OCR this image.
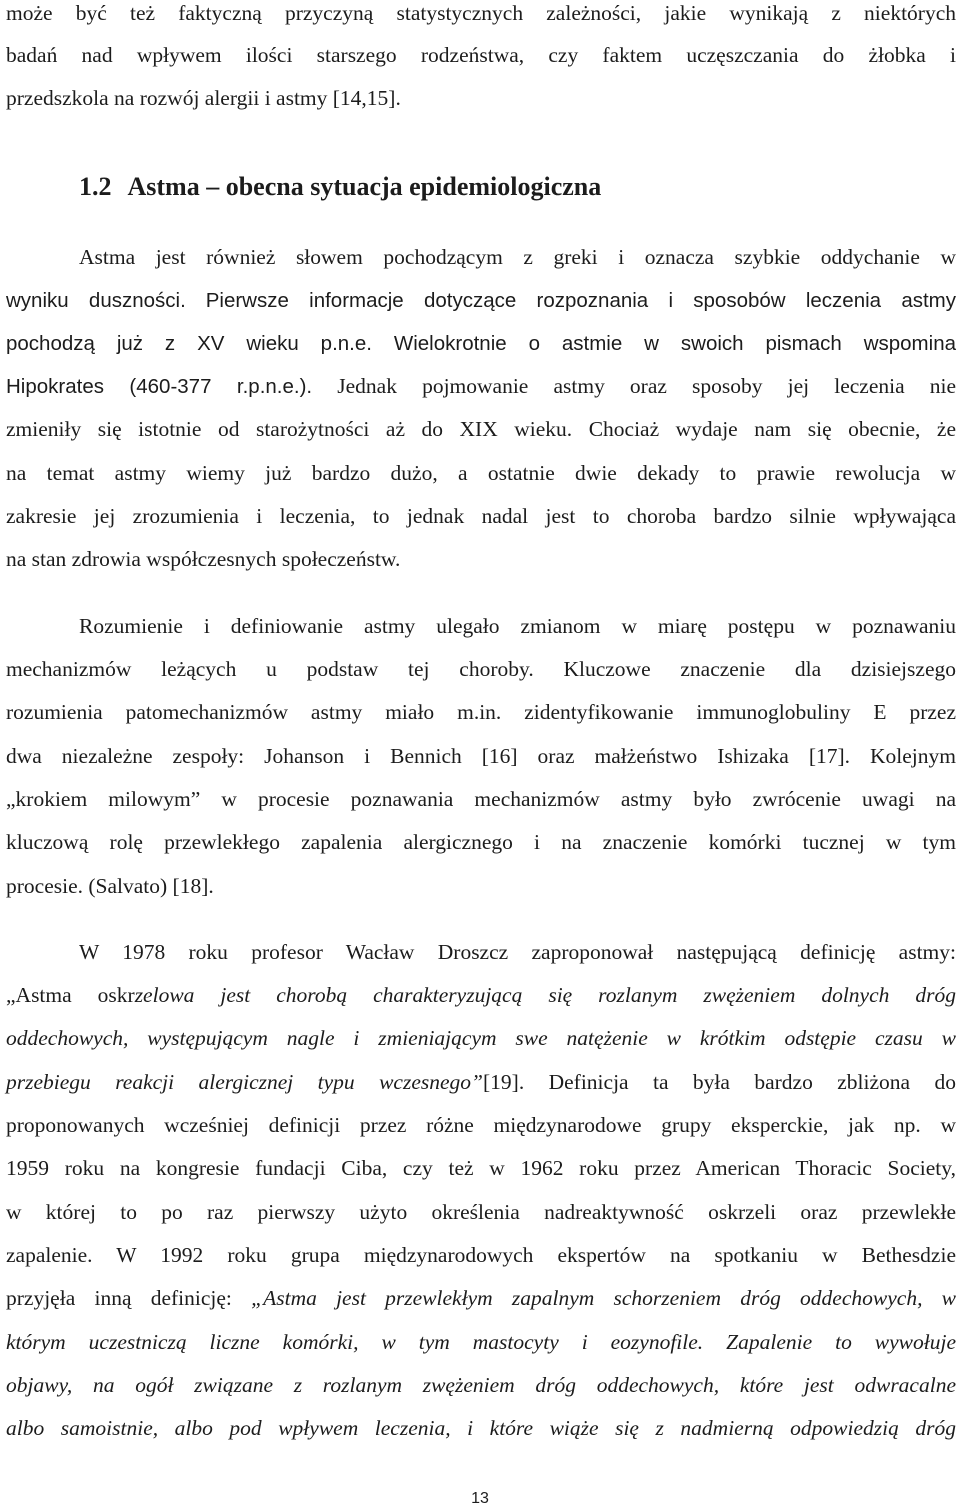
może być też faktyczną przyczyną statystycznych zależności, jakie wynikają z niektórych
badań nad wpływem ilości starszego rodzeństwa, czy faktem uczęszczania do żłobka i
przedszkola na rozwój alergii i astmy [14,15].
1.2 Astma – obecna sytuacja epidemiologiczna
Astma jest również słowem pochodzącym z greki i oznacza szybkie oddychanie w
wyniku duszności. Pierwsze informacje dotyczące rozpoznania i sposobów leczenia astmy
pochodzą już z XV wieku p.n.e. Wielokrotnie o astmie w swoich pismach wspomina
Hipokrates (460-377 r.p.n.e.). Jednak pojmowanie astmy oraz sposoby jej leczenia nie
zmieniły się istotnie od starożytności aż do XIX wieku. Chociaż wydaje nam się obecnie, że
na temat astmy wiemy już bardzo dużo, a ostatnie dwie dekady to prawie rewolucja w
zakresie jej zrozumienia i leczenia, to jednak nadal jest to choroba bardzo silnie wpływająca
na stan zdrowia współczesnych społeczeństw.
Rozumienie i definiowanie astmy ulegało zmianom w miarę postępu w poznawaniu
mechanizmów leżących u podstaw tej choroby. Kluczowe znaczenie dla dzisiejszego
rozumienia patomechanizmów astmy miało m.in. zidentyfikowanie immunoglobuliny E przez
dwa niezależne zespoły: Johanson i Bennich [16] oraz małżeństwo Ishizaka [17]. Kolejnym
„krokiem milowym” w procesie poznawania mechanizmów astmy było zwrócenie uwagi na
kluczową rolę przewlekłego zapalenia alergicznego i na znaczenie komórki tucznej w tym
procesie. (Salvato) [18].
W 1978 roku profesor Wacław Droszcz zaproponował następującą definicję astmy:
„Astma oskrzelowa jest chorobą charakteryzującą się rozlanym zwężeniem dolnych dróg
oddechowych, występującym nagle i zmieniającym swe natężenie w krótkim odstępie czasu w
przebiegu reakcji alergicznej typu wczesnego”[19]. Definicja ta była bardzo zbliżona do
proponowanych wcześniej definicji przez różne międzynarodowe grupy eksperckie, jak np. w
1959 roku na kongresie fundacji Ciba, czy też w 1962 roku przez American Thoracic Society,
w której to po raz pierwszy użyto określenia nadreaktywność oskrzeli oraz przewlekłe
zapalenie. W 1992 roku grupa międzynarodowych ekspertów na spotkaniu w Bethesdzie
przyjęła inną definicję: „Astma jest przewlekłym zapalnym schorzeniem dróg oddechowych, w
którym uczestniczą liczne komórki, w tym mastocyty i eozynofile. Zapalenie to wywołuje
objawy, na ogół związane z rozlanym zwężeniem dróg oddechowych, które jest odwracalne
albo samoistnie, albo pod wpływem leczenia, i które wiąże się z nadmierną odpowiedzią dróg
13
